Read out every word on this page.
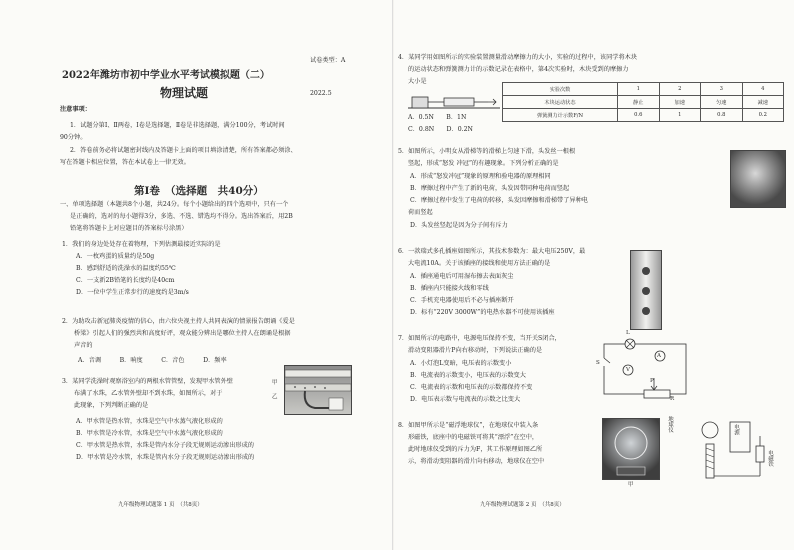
试卷类型：A
2022年潍坊市初中学业水平考试模拟题（二）
物理试题	2022.5
注意事项：
1．试题分第Ⅰ、Ⅱ两卷，Ⅰ卷是选择题，Ⅱ卷是非选择题，满分100分，考试时间
90分钟。
2．答卷前务必将试题密封线内及答题卡上面的项目填涂清楚，所有答案都必须涂、
写在答题卡相应位置，答在本试卷上一律无效。
第Ⅰ卷　（选择题　共40分）
一、单项选择题（本题共8个小题，共24分。每个小题给出的四个选项中，只有一个
是正确的，选对的每小题得3分，多选、不选、错选均不得分。选出答案后，用2B
铅笔将答题卡上对应题目的答案标号涂黑）
1．我们的身边处处存在着物理，下列估测最接近实际的是
A．一枚鸡蛋的质量约是50g
B．感到舒适的洗澡水的温度约55℃
C．一支新2B铅笔的长度约是40cm
D．一位中学生正常步行的速度约是3m/s
2．为助攻击新冠肺炎疫情的信心，由六位央视主持人共同表演的情景报告朗诵《爱是
桥梁》引起人们的强烈共和高度好评，观众能分辨出是哪位主持人在朗诵是根据
声音的
A．音调　　　B．响度　　　C．音色　　　D．频率
3．某同学洗澡时观察浴室内的两根水管管壁，发现甲水管外壁
布满了水珠，乙水管外壁却不到水珠，如图所示，对于
此现象，下列判断正确的是
A．甲水管是热水管，水珠是空气中水蒸气液化形成的
B．甲水管是冷水管，水珠是空气中水蒸气液化形成的
C．甲水管是热水管，水珠是管内水分子段无规则运动渗出形成的
D．甲水管是冷水管，水珠是管内水分子段无规则运动渗出形成的
甲
乙
九年级物理试题第 1 页　（共8页）
4．某同学用如图所示的实验装置测量滑动摩擦力的大小，实验的过程中，该同学将木块
的运动状态和弹簧测力计的示数记录在表格中，第4次实验时，木块受到的摩擦力
大小是
A．0.5N　　B．1N
C．0.8N　　D．0.2N
实验次数	1	2	3	4
木块运动状态	静止	加速	匀速	减速
弹簧测力计示数F/N	0.6	1	0.8	0.2
5．如图所示，小明女从滑梯等的滑梯上匀速下滑，头发丝一根根
竖起，形成“怒发 冲冠”的有趣现象。下列分析正确的是
A．形成“怒发冲冠”现象的原理和验电器的原理相同
B．摩擦过程中产生了新的电荷，头发因带同种电荷而竖起
C．摩擦过程中发生了电荷的转移，头发因摩擦和滑梯带了异种电
荷而竖起
D．头发丝竖起是因为分子间有斥力
6．一款瑞式多孔插座如图所示，其技术参数为：最大电压250V，最
大电流10A。关于该插座的接线和使用方法正确的是
A．插座通电后可用湿布擦去表面灰尘
B．插座内只能接火线和零线
C．手机充电器使用后不必与插座断开
D．标有“220V 3000W”的电热水器不可使用该插座
7．如图所示的电路中，电源电压保持不变，当开关S闭合，
滑动变阻器滑片P向右移动时，下列说法正确的是
A．小灯泡L变暗，电压表的示数变小
B．电流表的示数变小，电压表的示数变大
C．电流表的示数和电压表的示数都保持不变
D．电压表示数与电流表的示数之比变大
L
S
A
V
P
R
8．如图甲所示是“磁浮地球仪”，在地球仪中装入条
形磁铁，底座中的电磁铁可将其“漂浮”在空中，
此时地球仪受到的斥力为F，其工作原理如图乙所
示，将滑动变阻器的滑片向右移动，地球仪在空中
甲
地球仪	电源
电磁铁
九年级物理试题第 2 页　（共8页）
